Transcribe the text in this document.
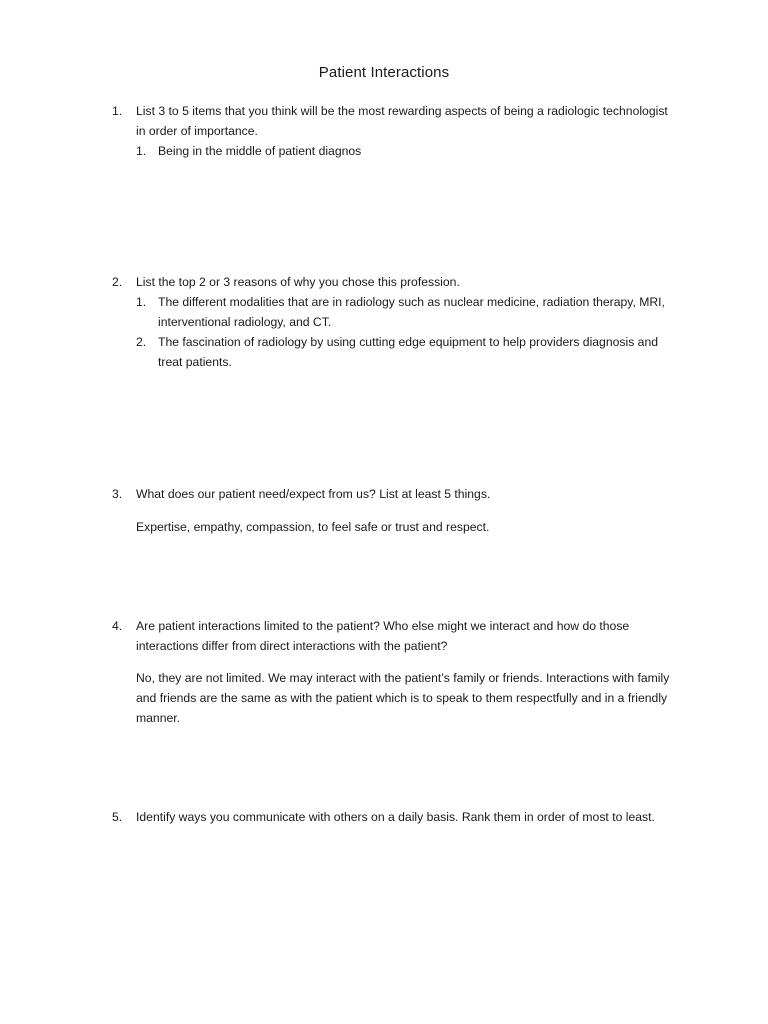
Patient Interactions
1.	List 3 to 5 items that you think will be the most rewarding aspects of being a radiologic technologist in order of importance.
1. Being in the middle of patient diagnos
2.	List the top 2 or 3 reasons of why you chose this profession.
1. The different modalities that are in radiology such as nuclear medicine, radiation therapy, MRI, interventional radiology, and CT.
2. The fascination of radiology by using cutting edge equipment to help providers diagnosis and treat patients.
3.	What does our patient need/expect from us? List at least 5 things.
Expertise, empathy, compassion, to feel safe or trust and respect.
4.	Are patient interactions limited to the patient? Who else might we interact and how do those interactions differ from direct interactions with the patient?
No, they are not limited. We may interact with the patient’s family or friends. Interactions with family and friends are the same as with the patient which is to speak to them respectfully and in a friendly manner.
5.	Identify ways you communicate with others on a daily basis. Rank them in order of most to least.
